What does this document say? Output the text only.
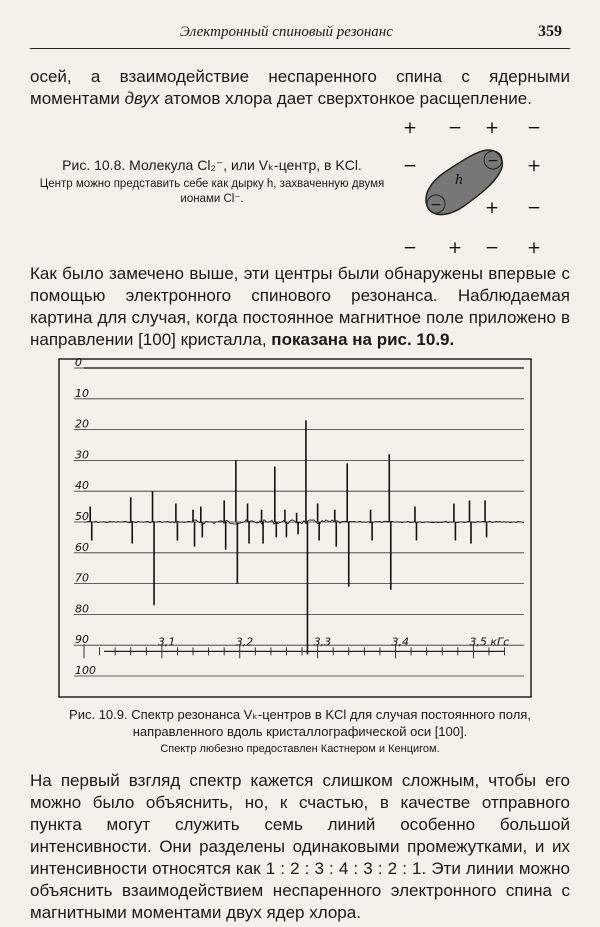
Электронный спиновый резонанс	359
осей, а взаимодействие неспаренного спина с ядерными моментами двух атомов хлора дает сверхтонкое расщепление.
Рис. 10.8. Молекула Cl₂⁻, или Vₖ-центр, в KCl.
Центр можно представить себе как дырку h, захваченную двумя ионами Cl⁻.
+ − + −
−	+
+ −
− + − +
−
−
h
Как было замечено выше, эти центры были обнаружены впервые с помощью электронного спинового резонанса. Наблюдаемая картина для случая, когда постоянное магнитное поле приложено в направлении [100] кристалла, показана на рис. 10.9.
0
10
20
30
40
50
60
70
80
90
100
3,1	3,2	3,3	3,4	3,5 кГс
Рис. 10.9. Спектр резонанса Vₖ-центров в KCl для случая постоянного поля, направленного вдоль кристаллографической оси [100].
Спектр любезно предоставлен Кастнером и Кенцигом.
На первый взгляд спектр кажется слишком сложным, чтобы его можно было объяснить, но, к счастью, в качестве отправного пункта могут служить семь линий особенно большой интенсивности. Они разделены одинаковыми промежутками, и их интенсивности относятся как 1 : 2 : 3 : 4 : 3 : 2 : 1. Эти линии можно объяснить взаимодействием неспаренного электронного спина с магнитными моментами двух ядер хлора.
